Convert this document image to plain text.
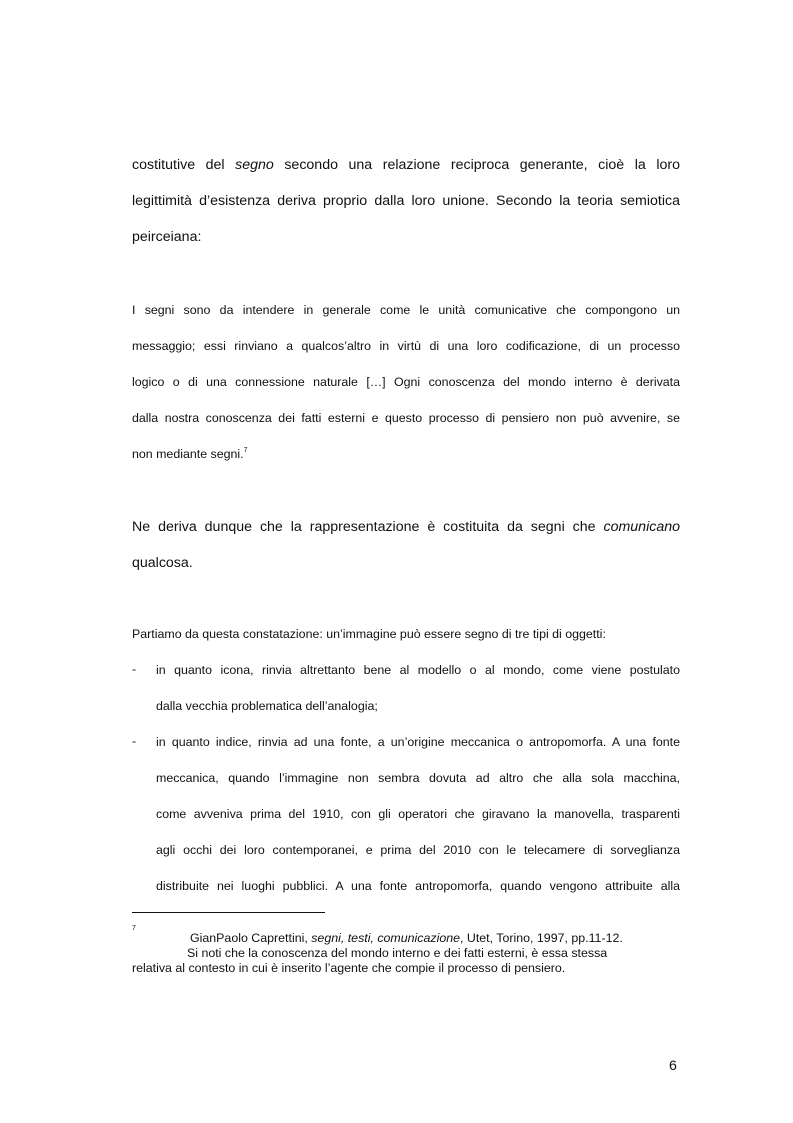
costitutive del segno secondo una relazione reciproca generante, cioè la loro
legittimità d’esistenza deriva proprio dalla loro unione. Secondo la teoria semiotica
peirceiana:
I segni sono da intendere in generale come le unità comunicative che compongono un
messaggio; essi rinviano a qualcos’altro in virtù di una loro codificazione, di un processo
logico o di una connessione naturale […] Ogni conoscenza del mondo interno è derivata
dalla nostra conoscenza dei fatti esterni e questo processo di pensiero non può avvenire, se
non mediante segni.$^7$
Ne deriva dunque che la rappresentazione è costituita da segni che comunicano
qualcosa.
Partiamo da questa constatazione: un’immagine può essere segno di tre tipi di oggetti:
- in quanto icona, rinvia altrettanto bene al modello o al mondo, come viene postulato
dalla vecchia problematica dell’analogia;
- in quanto indice, rinvia ad una fonte, a un’origine meccanica o antropomorfa. A una fonte
meccanica, quando l’immagine non sembra dovuta ad altro che alla sola macchina,
come avveniva prima del 1910, con gli operatori che giravano la manovella, trasparenti
agli occhi dei loro contemporanei, e prima del 2010 con le telecamere di sorveglianza
distribuite nei luoghi pubblici. A una fonte antropomorfa, quando vengono attribuite alla
$^7$
GianPaolo Caprettini, segni, testi, comunicazione, Utet, Torino, 1997, pp.11-12.
Si noti che la conoscenza del mondo interno e dei fatti esterni, è essa stessa
relativa al contesto in cui è inserito l’agente che compie il processo di pensiero.
6
